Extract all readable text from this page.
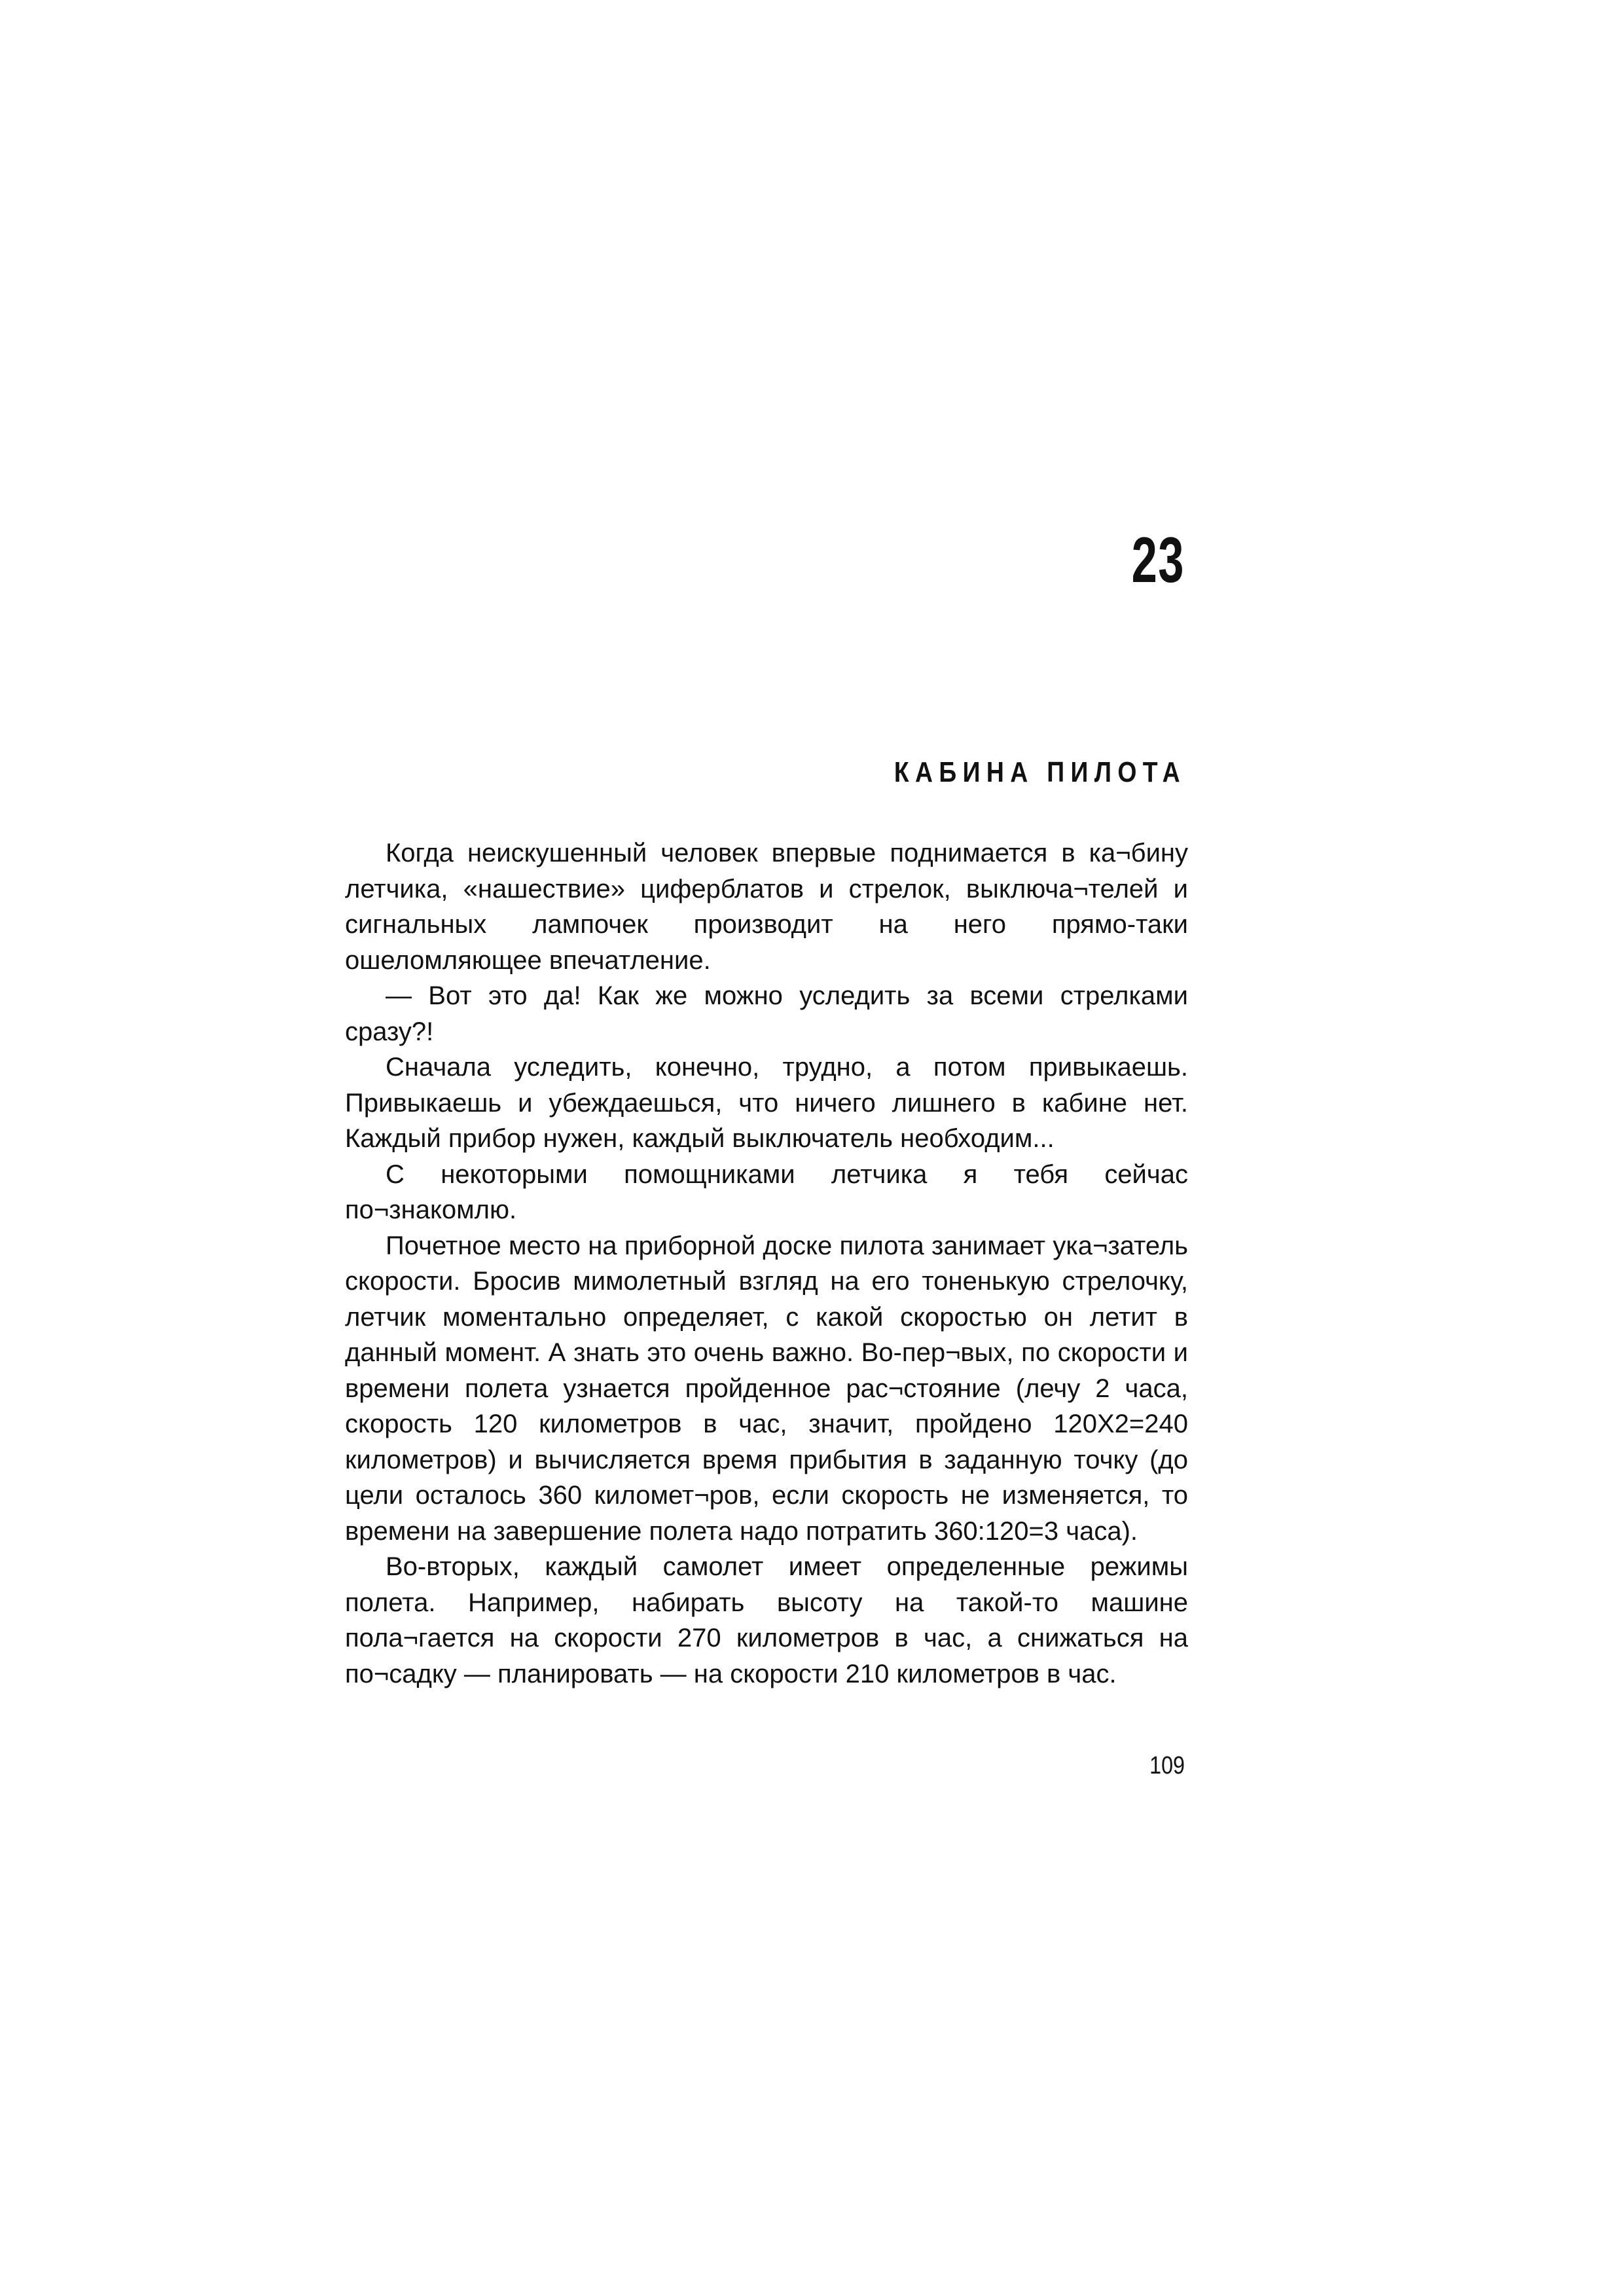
23
КАБИНА ПИЛОТА

Когда неискушенный человек впервые поднимается в ка¬бину летчика, «нашествие» циферблатов и стрелок, выключа¬телей и сигнальных лампочек производит на него прямо-таки ошеломляющее впечатление.

— Вот это да! Как же можно уследить за всеми стрелками сразу?!

Сначала уследить, конечно, трудно, а потом привыкаешь. Привыкаешь и убеждаешься, что ничего лишнего в кабине нет. Каждый прибор нужен, каждый выключатель необходим...

С некоторыми помощниками летчика я тебя сейчас по¬знакомлю.

Почетное место на приборной доске пилота занимает ука¬затель скорости. Бросив мимолетный взгляд на его тоненькую стрелочку, летчик моментально определяет, с какой скоростью он летит в данный момент. А знать это очень важно. Во-пер¬вых, по скорости и времени полета узнается пройденное рас¬стояние (лечу 2 часа, скорость 120 километров в час, значит, пройдено 120Х2=240 километров) и вычисляется время прибытия в заданную точку (до цели осталось 360 километ¬ров, если скорость не изменяется, то времени на завершение полета надо потратить 360:120=3 часа).

Во-вторых, каждый самолет имеет определенные режимы полета. Например, набирать высоту на такой-то машине пола¬гается на скорости 270 километров в час, а снижаться на по¬садку — планировать — на скорости 210 километров в час.

109
